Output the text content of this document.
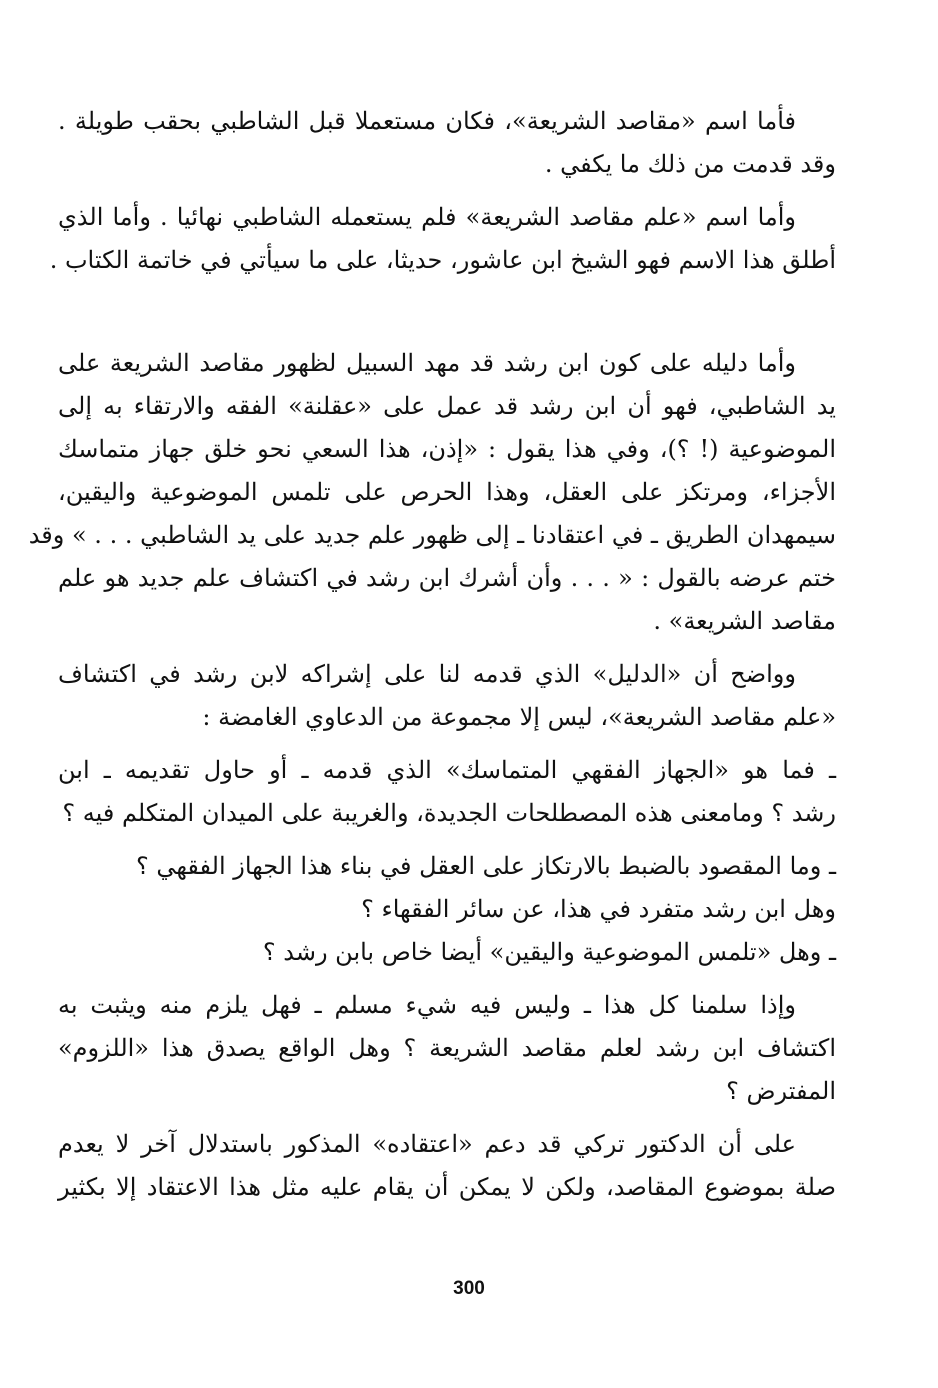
فأما اسم «مقاصد الشريعة»، فكان مستعملا قبل الشاطبي بحقب طويلة .
وقد قدمت من ذلك ما يكفي .
وأما اسم «علم مقاصد الشريعة» فلم يستعمله الشاطبي نهائيا . وأما الذي
أطلق هذا الاسم فهو الشيخ ابن عاشور، حديثا، على ما سيأتي في خاتمة الكتاب .
وأما دليله على كون ابن رشد قد مهد السبيل لظهور مقاصد الشريعة على
يد الشاطبي، فهو أن ابن رشد قد عمل على «عقلنة» الفقه والارتقاء به إلى
الموضوعية (! ؟)، وفي هذا يقول : «إذن، هذا السعي نحو خلق جهاز متماسك
الأجزاء، ومرتكز على العقل، وهذا الحرص على تلمس الموضوعية واليقين،
سيمهدان الطريق ـ في اعتقادنا ـ إلى ظهور علم جديد على يد الشاطبي . . . » وقد
ختم عرضه بالقول : « . . . وأن أشرك ابن رشد في اكتشاف علم جديد هو علم
مقاصد الشريعة» .
وواضح أن «الدليل» الذي قدمه لنا على إشراكه لابن رشد في اكتشاف
«علم مقاصد الشريعة»، ليس إلا مجموعة من الدعاوي الغامضة :
ـ فما هو «الجهاز الفقهي المتماسك» الذي قدمه ـ أو حاول تقديمه ـ ابن
رشد ؟ ومامعنى هذه المصطلحات الجديدة، والغريبة على الميدان المتكلم فيه ؟
ـ وما المقصود بالضبط بالارتكاز على العقل في بناء هذا الجهاز الفقهي ؟
وهل ابن رشد متفرد في هذا، عن سائر الفقهاء ؟
ـ وهل «تلمس الموضوعية واليقين» أيضا خاص بابن رشد ؟
وإذا سلمنا كل هذا ـ وليس فيه شيء مسلم ـ فهل يلزم منه ويثبت به
اكتشاف ابن رشد لعلم مقاصد الشريعة ؟ وهل الواقع يصدق هذا «اللزوم»
المفترض ؟
على أن الدكتور تركي قد دعم «اعتقاده» المذكور باستدلال آخر لا يعدم
صلة بموضوع المقاصد، ولكن لا يمكن أن يقام عليه مثل هذا الاعتقاد إلا بكثير
300
